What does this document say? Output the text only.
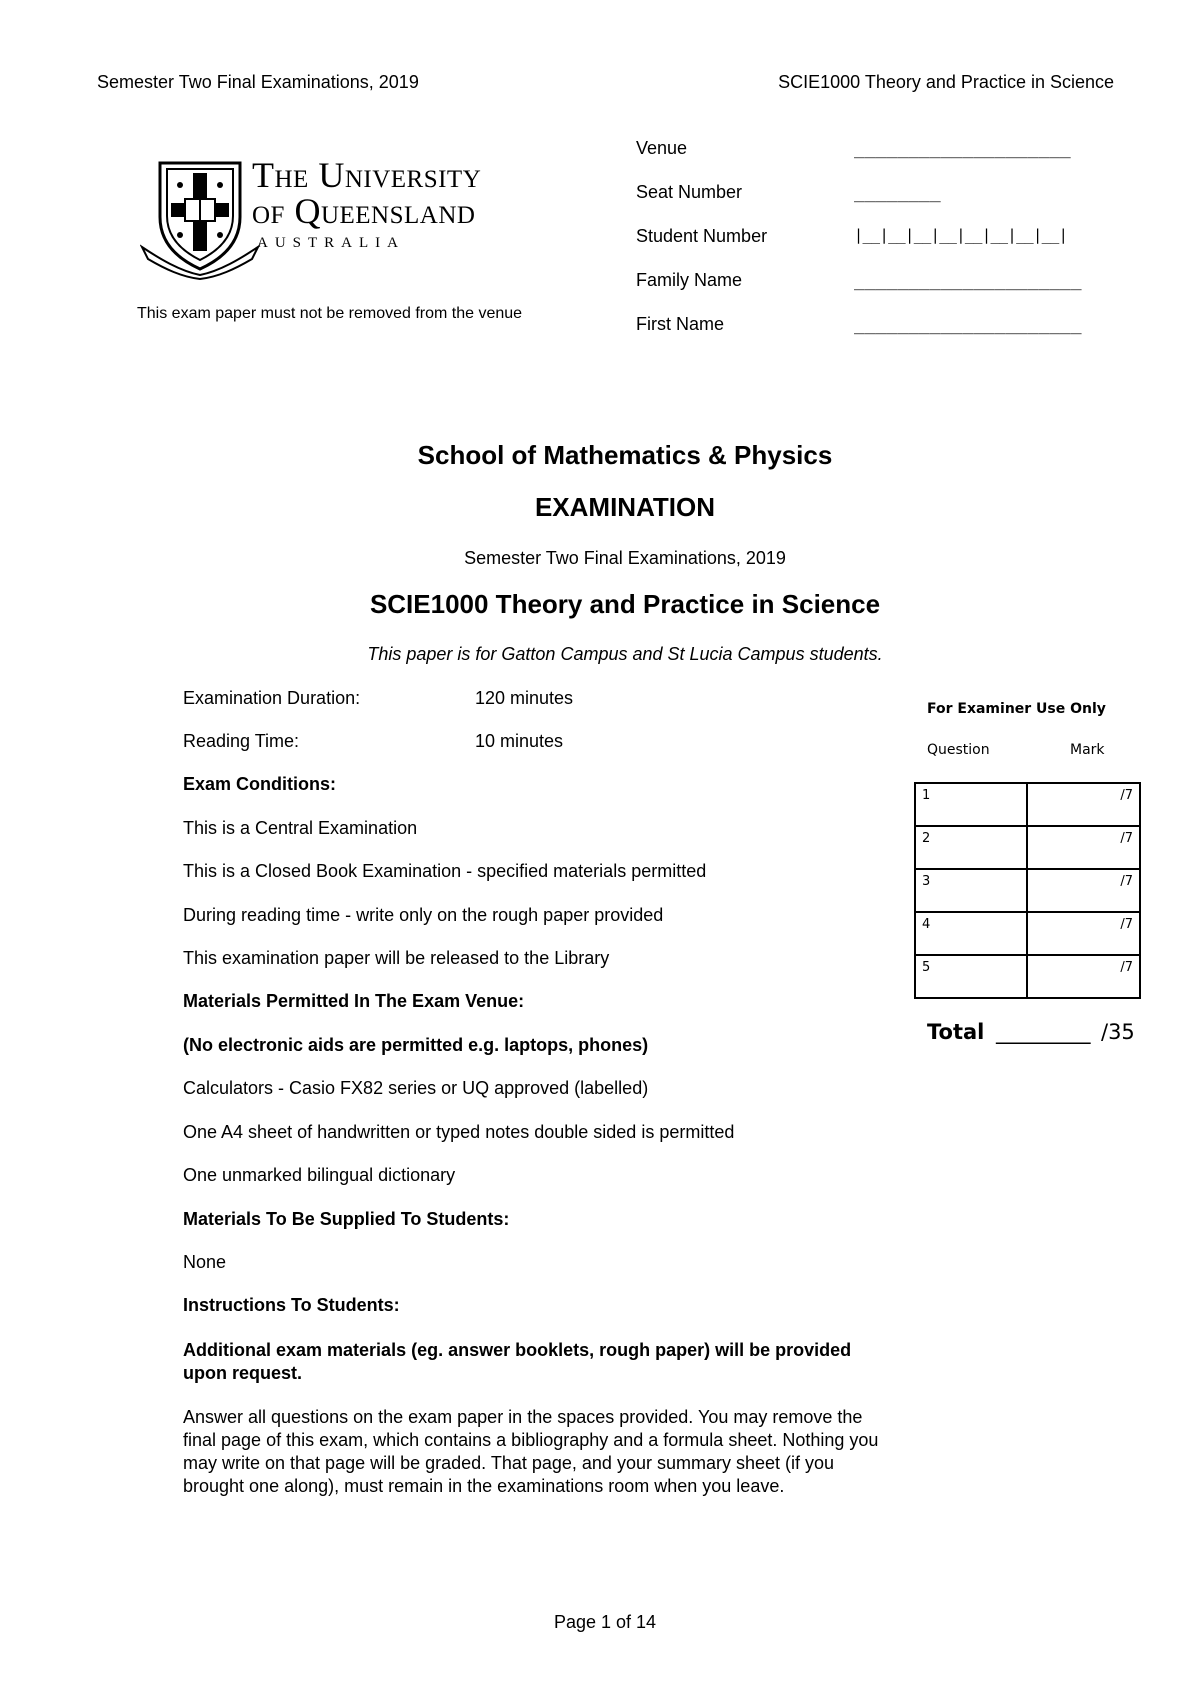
Semester Two Final Examinations, 2019	SCIE1000 Theory and Practice in Science
The University
of Queensland
AUSTRALIA
This exam paper must not be removed from the venue
Venue	____________________
Seat Number	________
Student Number	|__|__|__|__|__|__|__|__|
Family Name	_____________________
First Name	_____________________
School of Mathematics & Physics
EXAMINATION
Semester Two Final Examinations, 2019
SCIE1000 Theory and Practice in Science
This paper is for Gatton Campus and St Lucia Campus students.
Examination Duration:	120 minutes
Reading Time:	10 minutes
Exam Conditions:
This is a Central Examination
This is a Closed Book Examination - specified materials permitted
During reading time - write only on the rough paper provided
This examination paper will be released to the Library
Materials Permitted In The Exam Venue:
(No electronic aids are permitted e.g. laptops, phones)
Calculators - Casio FX82 series or UQ approved (labelled)
One A4 sheet of handwritten or typed notes double sided is permitted
One unmarked bilingual dictionary
Materials To Be Supplied To Students:
None
Instructions To Students:
Additional exam materials (eg. answer booklets, rough paper) will be provided upon request.
Answer all questions on the exam paper in the spaces provided. You may remove the final page of this exam, which contains a bibliography and a formula sheet. Nothing you may write on that page will be graded. That page, and your summary sheet (if you brought one along), must remain in the examinations room when you leave.
For Examiner Use Only
Question	Mark
1	/7
2	/7
3	/7
4	/7
5	/7
Total _________ /35
Page 1 of 14
